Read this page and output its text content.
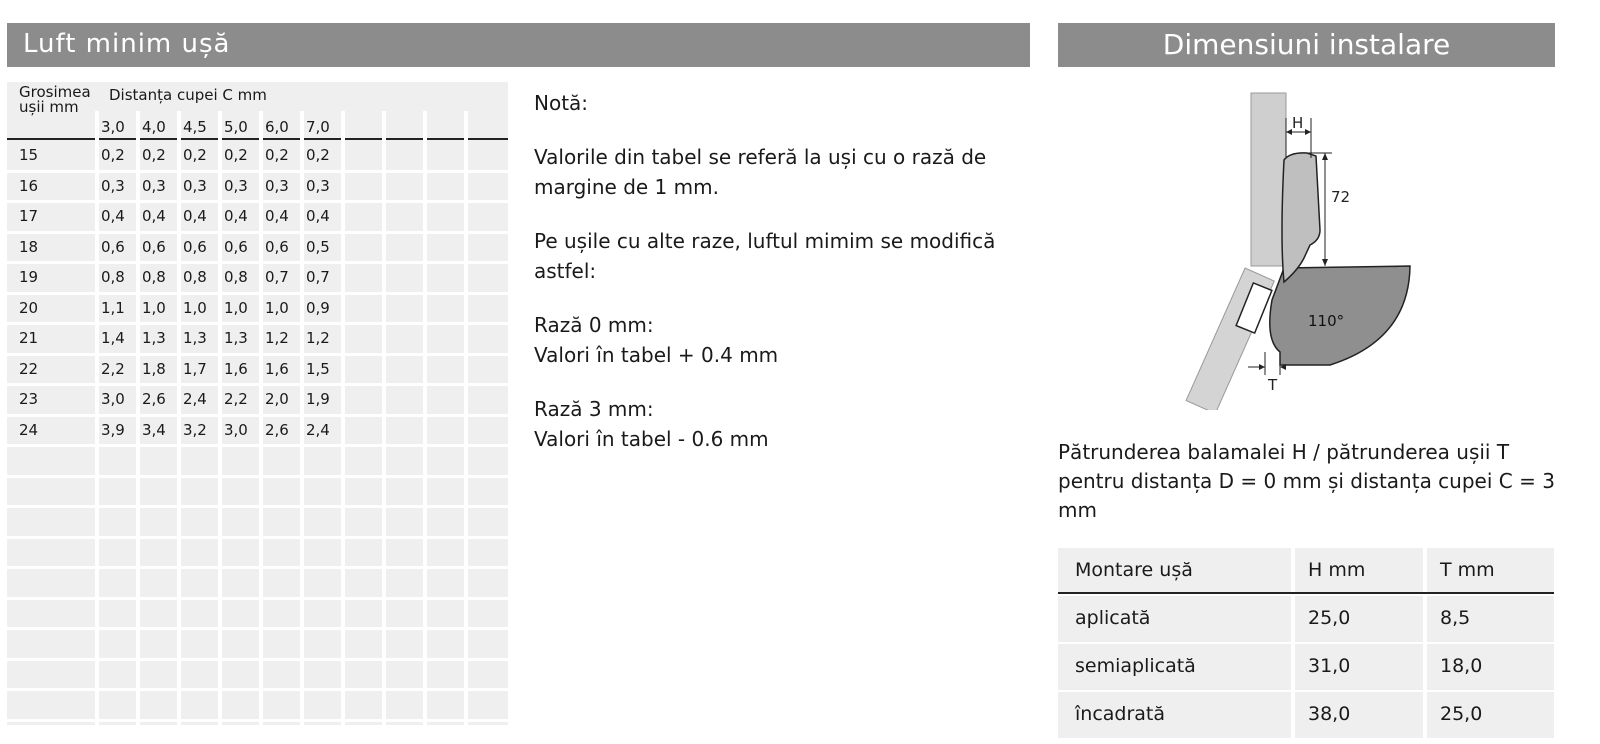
Luft minim ușă	Dimensiuni instalare
Grosimea ușii mm
Distanța cupei C mm
3,0 4,0 4,5 5,0 6,0 7,0
15	0,2 0,2 0,2 0,2 0,2 0,2
16	0,3 0,3 0,3 0,3 0,3 0,3
17	0,4 0,4 0,4 0,4 0,4 0,4
18	0,6 0,6 0,6 0,6 0,6 0,5
19	0,8 0,8 0,8 0,8 0,7 0,7
20	1,1 1,0 1,0 1,0 1,0 0,9
21	1,4 1,3 1,3 1,3 1,2 1,2
22	2,2 1,8 1,7 1,6 1,6 1,5
23	3,0 2,6 2,4 2,2 2,0 1,9
24	3,9 3,4 3,2 3,0 2,6 2,4

Notă:

Valorile din tabel se referă la uși cu o rază de margine de 1 mm.

Pe ușile cu alte raze, luftul mimim se modifică astfel:

Rază 0 mm:
Valori în tabel + 0.4 mm

Rază 3 mm:
Valori în tabel - 0.6 mm

H
72
110°
T
Pătrunderea balamalei H / pătrunderea ușii T pentru distanța D = 0 mm și distanța cupei C = 3 mm
Montare ușă	H mm	T mm
aplicată	25,0	8,5
semiaplicată	31,0	18,0
încadrată	38,0	25,0
